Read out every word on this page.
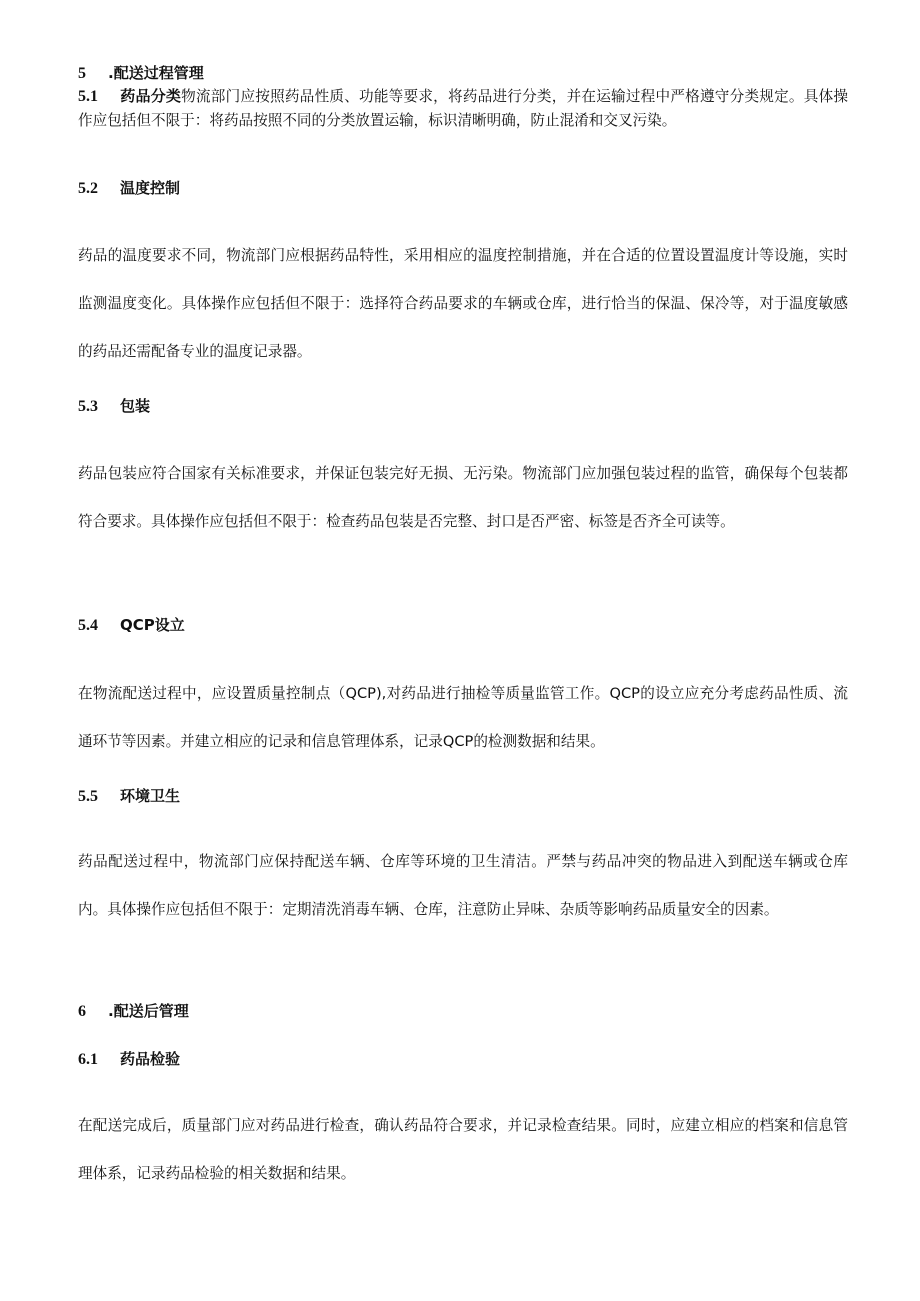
5 .配送过程管理
5.1 药品分类物流部门应按照药品性质、功能等要求，将药品进行分类，并在运输过程中严格遵守分类规定。具体操作应包括但不限于：将药品按照不同的分类放置运输，标识清晰明确，防止混淆和交叉污染。
5.2 温度控制
药品的温度要求不同，物流部门应根据药品特性，采用相应的温度控制措施，并在合适的位置设置温度计等设施，实时监测温度变化。具体操作应包括但不限于：选择符合药品要求的车辆或仓库，进行恰当的保温、保冷等，对于温度敏感的药品还需配备专业的温度记录器。
5.3 包装
药品包装应符合国家有关标准要求，并保证包装完好无损、无污染。物流部门应加强包装过程的监管，确保每个包装都符合要求。具体操作应包括但不限于：检查药品包装是否完整、封口是否严密、标签是否齐全可读等。
5.4 QCP设立
在物流配送过程中，应设置质量控制点（QCP),对药品进行抽检等质量监管工作。QCP的设立应充分考虑药品性质、流通环节等因素。并建立相应的记录和信息管理体系，记录QCP的检测数据和结果。
5.5 环境卫生
药品配送过程中，物流部门应保持配送车辆、仓库等环境的卫生清洁。严禁与药品冲突的物品进入到配送车辆或仓库内。具体操作应包括但不限于：定期清洗消毒车辆、仓库，注意防止异味、杂质等影响药品质量安全的因素。
6 .配送后管理
6.1 药品检验
在配送完成后，质量部门应对药品进行检查，确认药品符合要求，并记录检查结果。同时，应建立相应的档案和信息管理体系，记录药品检验的相关数据和结果。
